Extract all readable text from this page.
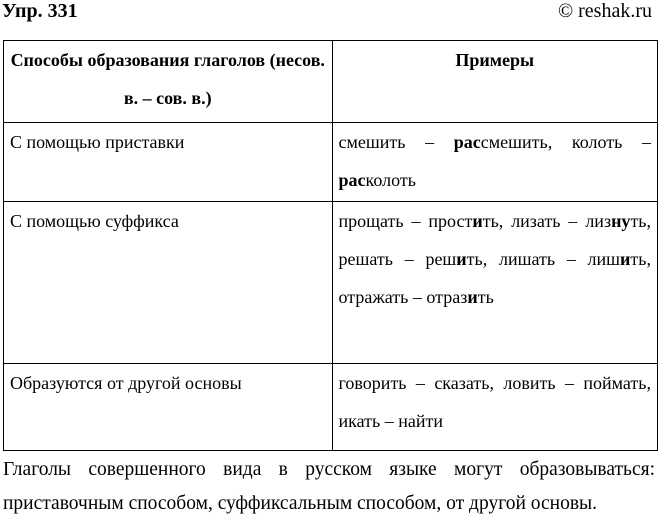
Упр. 331	© reshak.ru
Способы образования глаголов (несов. в. – сов. в.)	Примеры
С помощью приставки	смешить – рассмешить, колоть – расколоть
С помощью суффикса	прощать – простить, лизать – лизнуть, решать – решить, лишать – лишить, отражать – отразить
Образуются от другой основы	говорить – сказать, ловить – поймать, икать – найти
Глаголы совершенного вида в русском языке могут образовываться: приставочным способом, суффиксальным способом, от другой основы.
